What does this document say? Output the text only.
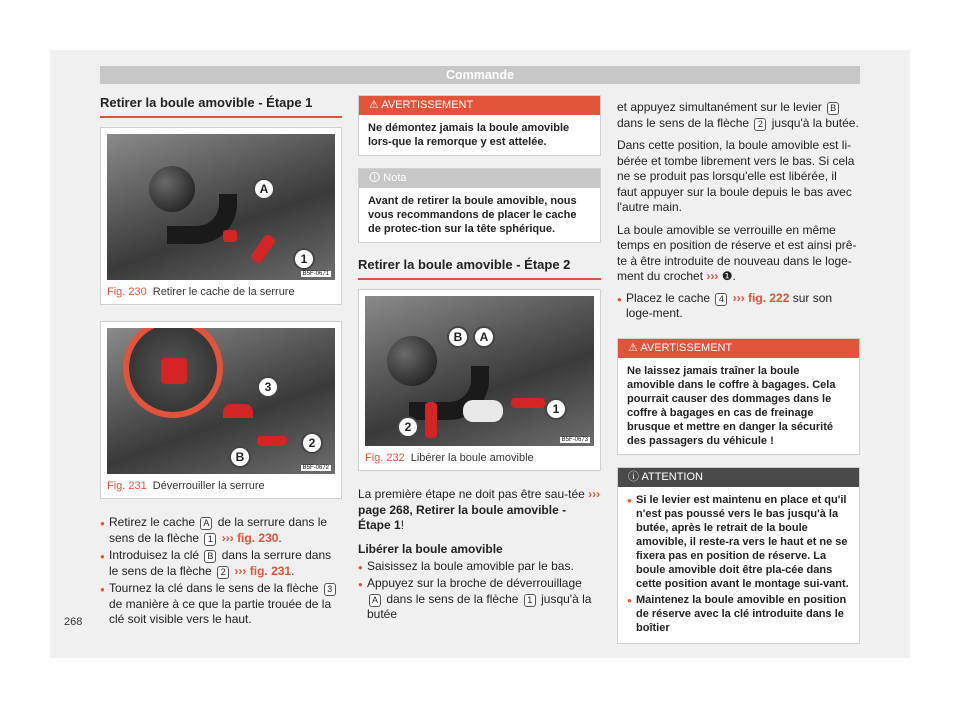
Commande
Retirer la boule amovible - Étape 1
A
1
B5F-0671
Fig. 230 Retirer le cache de la serrure
3
2
B
B5F-0672
Fig. 231 Déverrouiller la serrure
● Retirez le cache A de la serrure dans le sens de la flèche 1 ››› fig. 230.
● Introduisez la clé B dans la serrure dans le sens de la flèche 2 ››› fig. 231.
● Tournez la clé dans le sens de la flèche 3 de manière à ce que la partie trouée de la clé soit visible vers le haut.
⚠ AVERTISSEMENT
Ne démontez jamais la boule amovible lors-que la remorque y est attelée.
🛈 Nota
Avant de retirer la boule amovible, nous vous recommandons de placer le cache de protec-tion sur la tête sphérique.
Retirer la boule amovible - Étape 2
B	A
1
2
B5F-0673
Fig. 232 Libérer la boule amovible

La première étape ne doit pas être sau-tée ››› page 268, Retirer la boule amovible - Étape 1!

Libérer la boule amovible
● Saisissez la boule amovible par le bas.
● Appuyez sur la broche de déverrouillage A dans le sens de la flèche 1 jusqu'à la butée

et appuyez simultanément sur le levier B dans le sens de la flèche 2 jusqu'à la butée.

Dans cette position, la boule amovible est li-bérée et tombe librement vers le bas. Si cela ne se produit pas lorsqu'elle est libérée, il faut appuyer sur la boule depuis le bas avec l'autre main.

La boule amovible se verrouille en même temps en position de réserve et est ainsi prê-te à être introduite de nouveau dans le loge-ment du crochet ››› ❶.

● Placez le cache 4 ››› fig. 222 sur son loge-ment.
⚠ AVERTISSEMENT
Ne laissez jamais traîner la boule amovible dans le coffre à bagages. Cela pourrait causer des dommages dans le coffre à bagages en cas de freinage brusque et mettre en danger la sécurité des passagers du véhicule !
ⓘ ATTENTION
● Si le levier est maintenu en place et qu'il n'est pas poussé vers le bas jusqu'à la butée, après le retrait de la boule amovible, il reste-ra vers le haut et ne se fixera pas en position de réserve. La boule amovible doit être pla-cée dans cette position avant le montage sui-vant.
● Maintenez la boule amovible en position de réserve avec la clé introduite dans le boîtier
268
